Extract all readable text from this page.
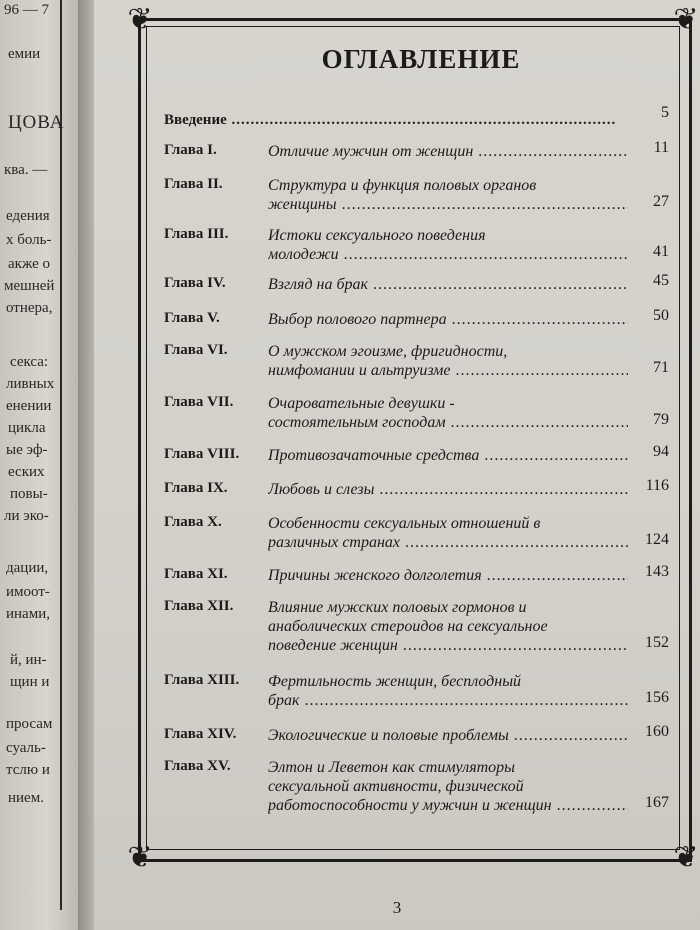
96 — 7
емии
ЦОВА
ква. —
едения
х боль-
акже о
мешней
отнера,
секса:
ливных
енении
цикла
ые эф-
еских
повы-
ли эко-
дации,
имоот-
инами,
й, ин-
щин и
просам
суаль-
тслю и
нием.
❦	❦
❦	❦
ОГЛАВЛЕНИЕ
Введение .....	5
Глава I.	Отличие мужчин от женщин .....	11
Глава II.	Структура и функция половых органов
женщины .....	27
Глава III. Истоки сексуального поведения
молодежи .....	41
Глава IV.	Взгляд на брак .....	45
Глава V.	Выбор полового партнера .....	50
Глава VI.	О мужском эгоизме, фригидности,
нимфомании и альтруизме .....	71
Глава VII. Очаровательные девушки -
состоятельным господам .....	79
Глава VIII. Противозачаточные средства .....	94
Глава IX.	Любовь и слезы .....	116
Глава X.	Особенности сексуальных отношений в
различных странах .....	124
Глава XI.	Причины женского долголетия .....	143
Глава XII. Влияние мужских половых гормонов и
анаболических стероидов на сексуальное
поведение женщин .....	152
Глава XIII. Фертильность женщин, бесплодный
брак .....	156
Глава XIV. Экологические и половые проблемы .....	160
Глава XV. Элтон и Леветон как стимуляторы
сексуальной активности, физической
работоспособности у мужчин и женщин .....	167
3
